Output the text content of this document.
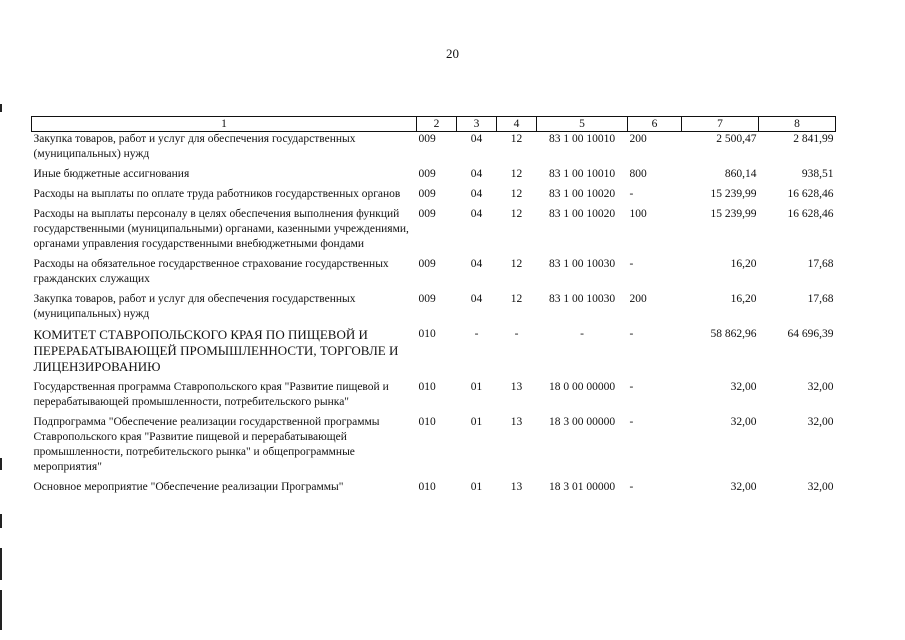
20
1	2	3	4	5	6	7	8
Закупка товаров, работ и услуг для обеспечения государственных (муниципальных) нужд	009	04	12	83 1 00 10010	200	2 500,47	2 841,99
Иные бюджетные ассигнования	009	04	12	83 1 00 10010	800	860,14	938,51
Расходы на выплаты по оплате труда работников государственных органов	009	04	12	83 1 00 10020	-	15 239,99	16 628,46
Расходы на выплаты персоналу в целях обеспечения выполнения функций государственными (муниципальными) органами, казенными учреждениями, органами управления государственными внебюджетными фондами	009	04	12	83 1 00 10020	100	15 239,99	16 628,46
Расходы на обязательное государственное страхование государственных гражданских служащих	009	04	12	83 1 00 10030	-	16,20	17,68
Закупка товаров, работ и услуг для обеспечения государственных (муниципальных) нужд	009	04	12	83 1 00 10030	200	16,20	17,68
КОМИТЕТ СТАВРОПОЛЬСКОГО КРАЯ ПО ПИЩЕВОЙ И ПЕРЕРАБАТЫВАЮЩЕЙ ПРОМЫШЛЕННОСТИ, ТОРГОВЛЕ И ЛИЦЕНЗИРОВАНИЮ	010	-	-	-	-	58 862,96	64 696,39
Государственная программа Ставропольского края "Развитие пищевой и перерабатывающей промышленности, потребительского рынка"	010	01	13	18 0 00 00000	-	32,00	32,00
Подпрограмма "Обеспечение реализации государственной программы Ставропольского края "Развитие пищевой и перерабатывающей промышленности, потребительского рынка" и общепрограммные мероприятия"	010	01	13	18 3 00 00000	-	32,00	32,00
Основное мероприятие "Обеспечение реализации Программы"	010	01	13	18 3 01 00000	-	32,00	32,00
